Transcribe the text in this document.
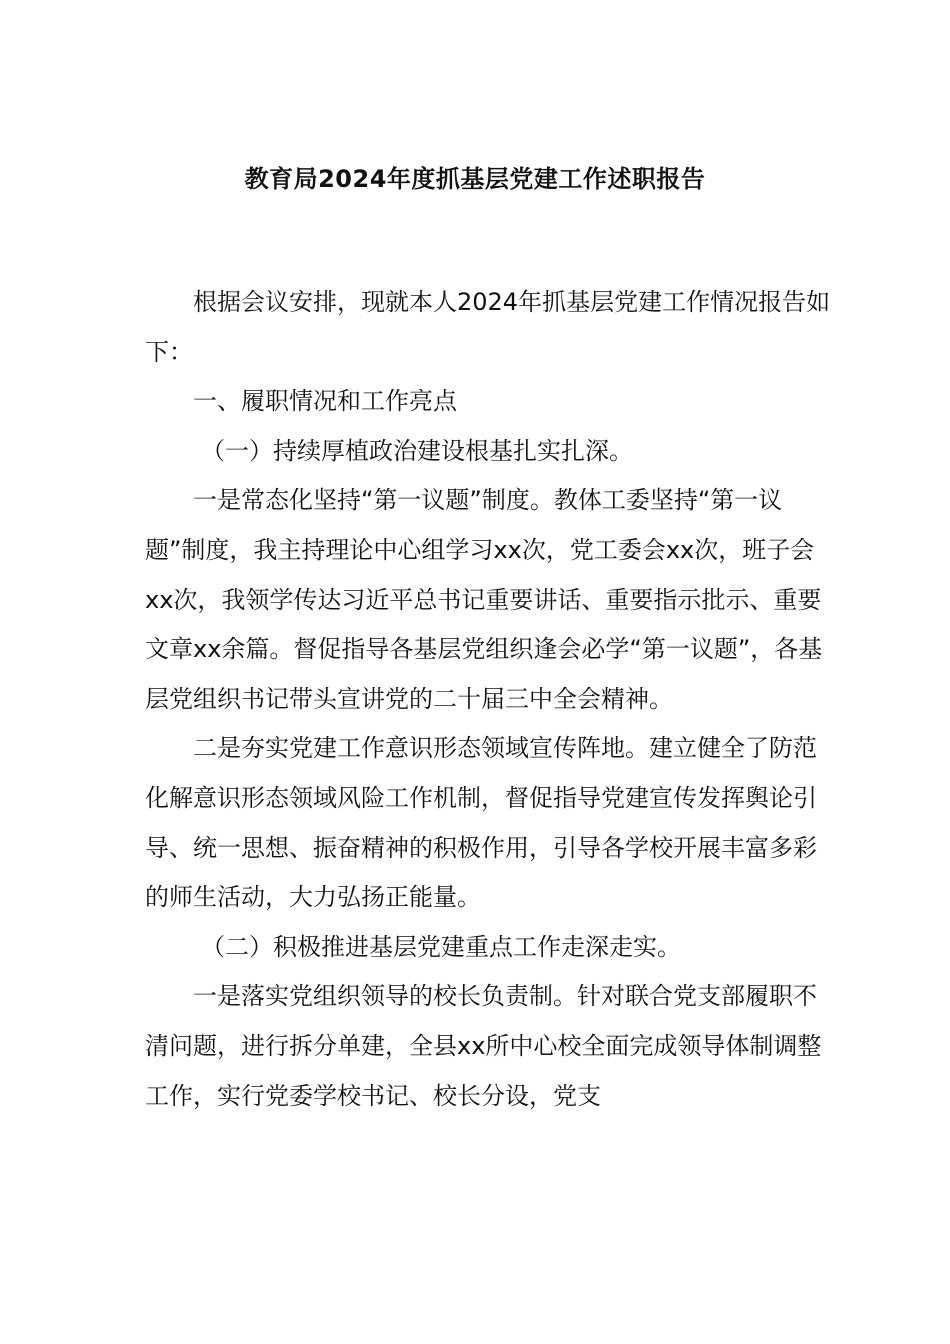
教育局2024年度抓基层党建工作述职报告

根据会议安排，现就本人2024年抓基层党建工作情况报告如下：

一、履职情况和工作亮点

（一）持续厚植政治建设根基扎实扎深。

一是常态化坚持“第一议题”制度。教体工委坚持“第一议题”制度，我主持理论中心组学习xx次，党工委会xx次，班子会xx次，我领学传达习近平总书记重要讲话、重要指示批示、重要文章xx余篇。督促指导各基层党组织逢会必学“第一议题”，各基层党组织书记带头宣讲党的二十届三中全会精神。

二是夯实党建工作意识形态领域宣传阵地。建立健全了防范化解意识形态领域风险工作机制，督促指导党建宣传发挥舆论引导、统一思想、振奋精神的积极作用，引导各学校开展丰富多彩的师生活动，大力弘扬正能量。

（二）积极推进基层党建重点工作走深走实。

一是落实党组织领导的校长负责制。针对联合党支部履职不清问题，进行拆分单建，全县xx所中心校全面完成领导体制调整工作，实行党委学校书记、校长分设，党支
